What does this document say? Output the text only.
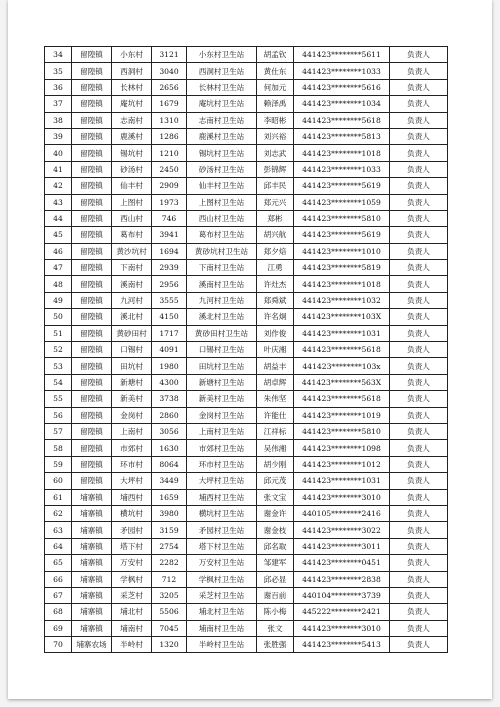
34	留隍镇	小东村	3121	小东村卫生站	胡孟钦	441423********5611	负责人
35	留隍镇	西洞村	3040	西洞村卫生站	黄仕东	441423********1033	负责人
36	留隍镇	长林村	2656	长林村卫生站	何加元	441423********5616	负责人
37	留隍镇	庵坑村	1679	庵坑村卫生站	赖泽禹	441423********1034	负责人
38	留隍镇	志南村	1310	志南村卫生站	李昭彬	441423********5618	负责人
39	留隍镇	鹿溪村	1286	鹿溪村卫生站	刘兴裕	441423********5813	负责人
40	留隍镇	锡坑村	1210	锡坑村卫生站	刘志武	441423********1018	负责人
41	留隍镇	砂汤村	2450	砂汤村卫生站	彭锦辉	441423********1033	负责人
42	留隍镇	仙丰村	2909	仙丰村卫生站	邱丰民	441423********5619	负责人
43	留隍镇	上图村	1973	上图村卫生站	郑元兴	441423********1059	负责人
44	留隍镇	西山村	746	西山村卫生站	郑彬	441423********5810	负责人
45	留隍镇	葛布村	3941	葛布村卫生站	胡兴航	441423********5619	负责人
46	留隍镇	黄沙坑村	1694	黄砂坑村卫生站	郑夕焙	441423********1010	负责人
47	留隍镇	下南村	2939	下南村卫生站	江勇	441423********5819	负责人
48	留隍镇	溪南村	2956	溪南村卫生站	许灶杰	441423********1018	负责人
49	留隍镇	九河村	3555	九河村卫生站	郑舜斌	441423********1032	负责人
50	留隍镇	溪北村	4150	溪北村卫生站	许名炯	441423********103X	负责人
51	留隍镇	黄砂田村	1717	黄砂田村卫生站	刘作俊	441423********1031	负责人
52	留隍镇	口锡村	4091	口锡村卫生站	叶庆湘	441423********5618	负责人
53	留隍镇	田坑村	1980	田坑村卫生站	胡益丰	441423********103x	负责人
54	留隍镇	新塘村	4300	新塘村卫生站	胡卓辉	441423********563X	负责人
55	留隍镇	新美村	3738	新美村卫生站	朱伟坚	441423********5618	负责人
56	留隍镇	金岗村	2860	金岗村卫生站	许能仕	441423********1019	负责人
57	留隍镇	上南村	3056	上南村卫生站	江祥标	441423********5810	负责人
58	留隍镇	市郊村	1630	市郊村卫生站	吴伟湘	441423********1098	负责人
59	留隍镇	环市村	8064	环市村卫生站	胡少刚	441423********1012	负责人
60	留隍镇	大坪村	3449	大坪村卫生站	邱元茂	441423********1031	负责人
61	埔寨镇	埔西村	1659	埔西村卫生站	张文宝	441423********3010	负责人
62	埔寨镇	横坑村	3980	横坑村卫生站	谢金许	440105********2416	负责人
63	埔寨镇	矛园村	3159	矛园村卫生站	谢金枝	441423********3022	负责人
64	埔寨镇	塔下村	2754	塔下村卫生站	邱名取	441423********3011	负责人
65	埔寨镇	万安村	2282	万安村卫生站	邹建军	441423********0451	负责人
66	埔寨镇	学枫村	712	学枫村卫生站	邱必显	441423********2838	负责人
67	埔寨镇	采芝村	3205	采芝村卫生站	谢百前	440104********3739	负责人
68	埔寨镇	埔北村	5506	埔北村卫生站	陈小梅	445222********2421	负责人
69	埔寨镇	埔南村	7045	埔南村卫生站	张文	441423********3010	负责人
70	埔寨农场	半岭村	1320	半岭村卫生站	张胜强	441423********5413	负责人
